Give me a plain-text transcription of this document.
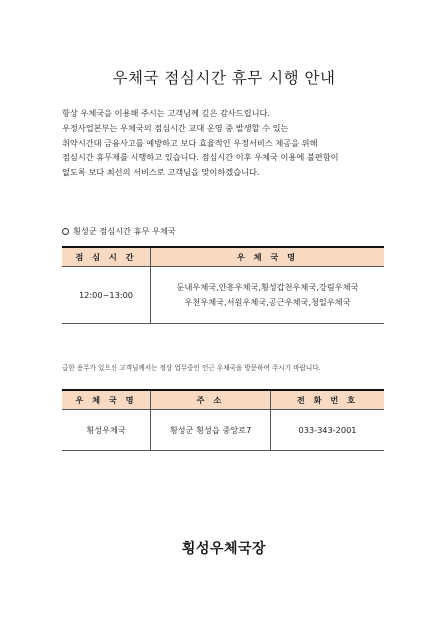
우체국 점심시간 휴무 시행 안내

항상 우체국을 이용해 주시는 고객님께 깊은 감사드립니다.

우정사업본부는 우체국의 점심시간 교대 운영 중 발생할 수 있는

취약시간대 금융사고를 예방하고 보다 효율적인 우정서비스 제공을 위해

점심시간 휴무제를 시행하고 있습니다. 점심시간 이후 우체국 이용에 불편함이

없도록 보다 최선의 서비스로 고객님을 맞이하겠습니다.

횡성군 점심시간 휴무 우체국
점 심 시 간	우 체 국 명
12:00~13:00	둔내우체국,안흥우체국,횡성갑천우체국,강림우체국
우천우체국,서원우체국,공근우체국,청일우체국
급한 용무가 있으신 고객님께서는 정상 업무중인 인근 우체국을 방문하여 주시기 바랍니다.
우 체 국 명	주 소	전 화 번 호
횡성우체국	횡성군 횡성읍 중앙로7	033-343-2001
횡성우체국장
